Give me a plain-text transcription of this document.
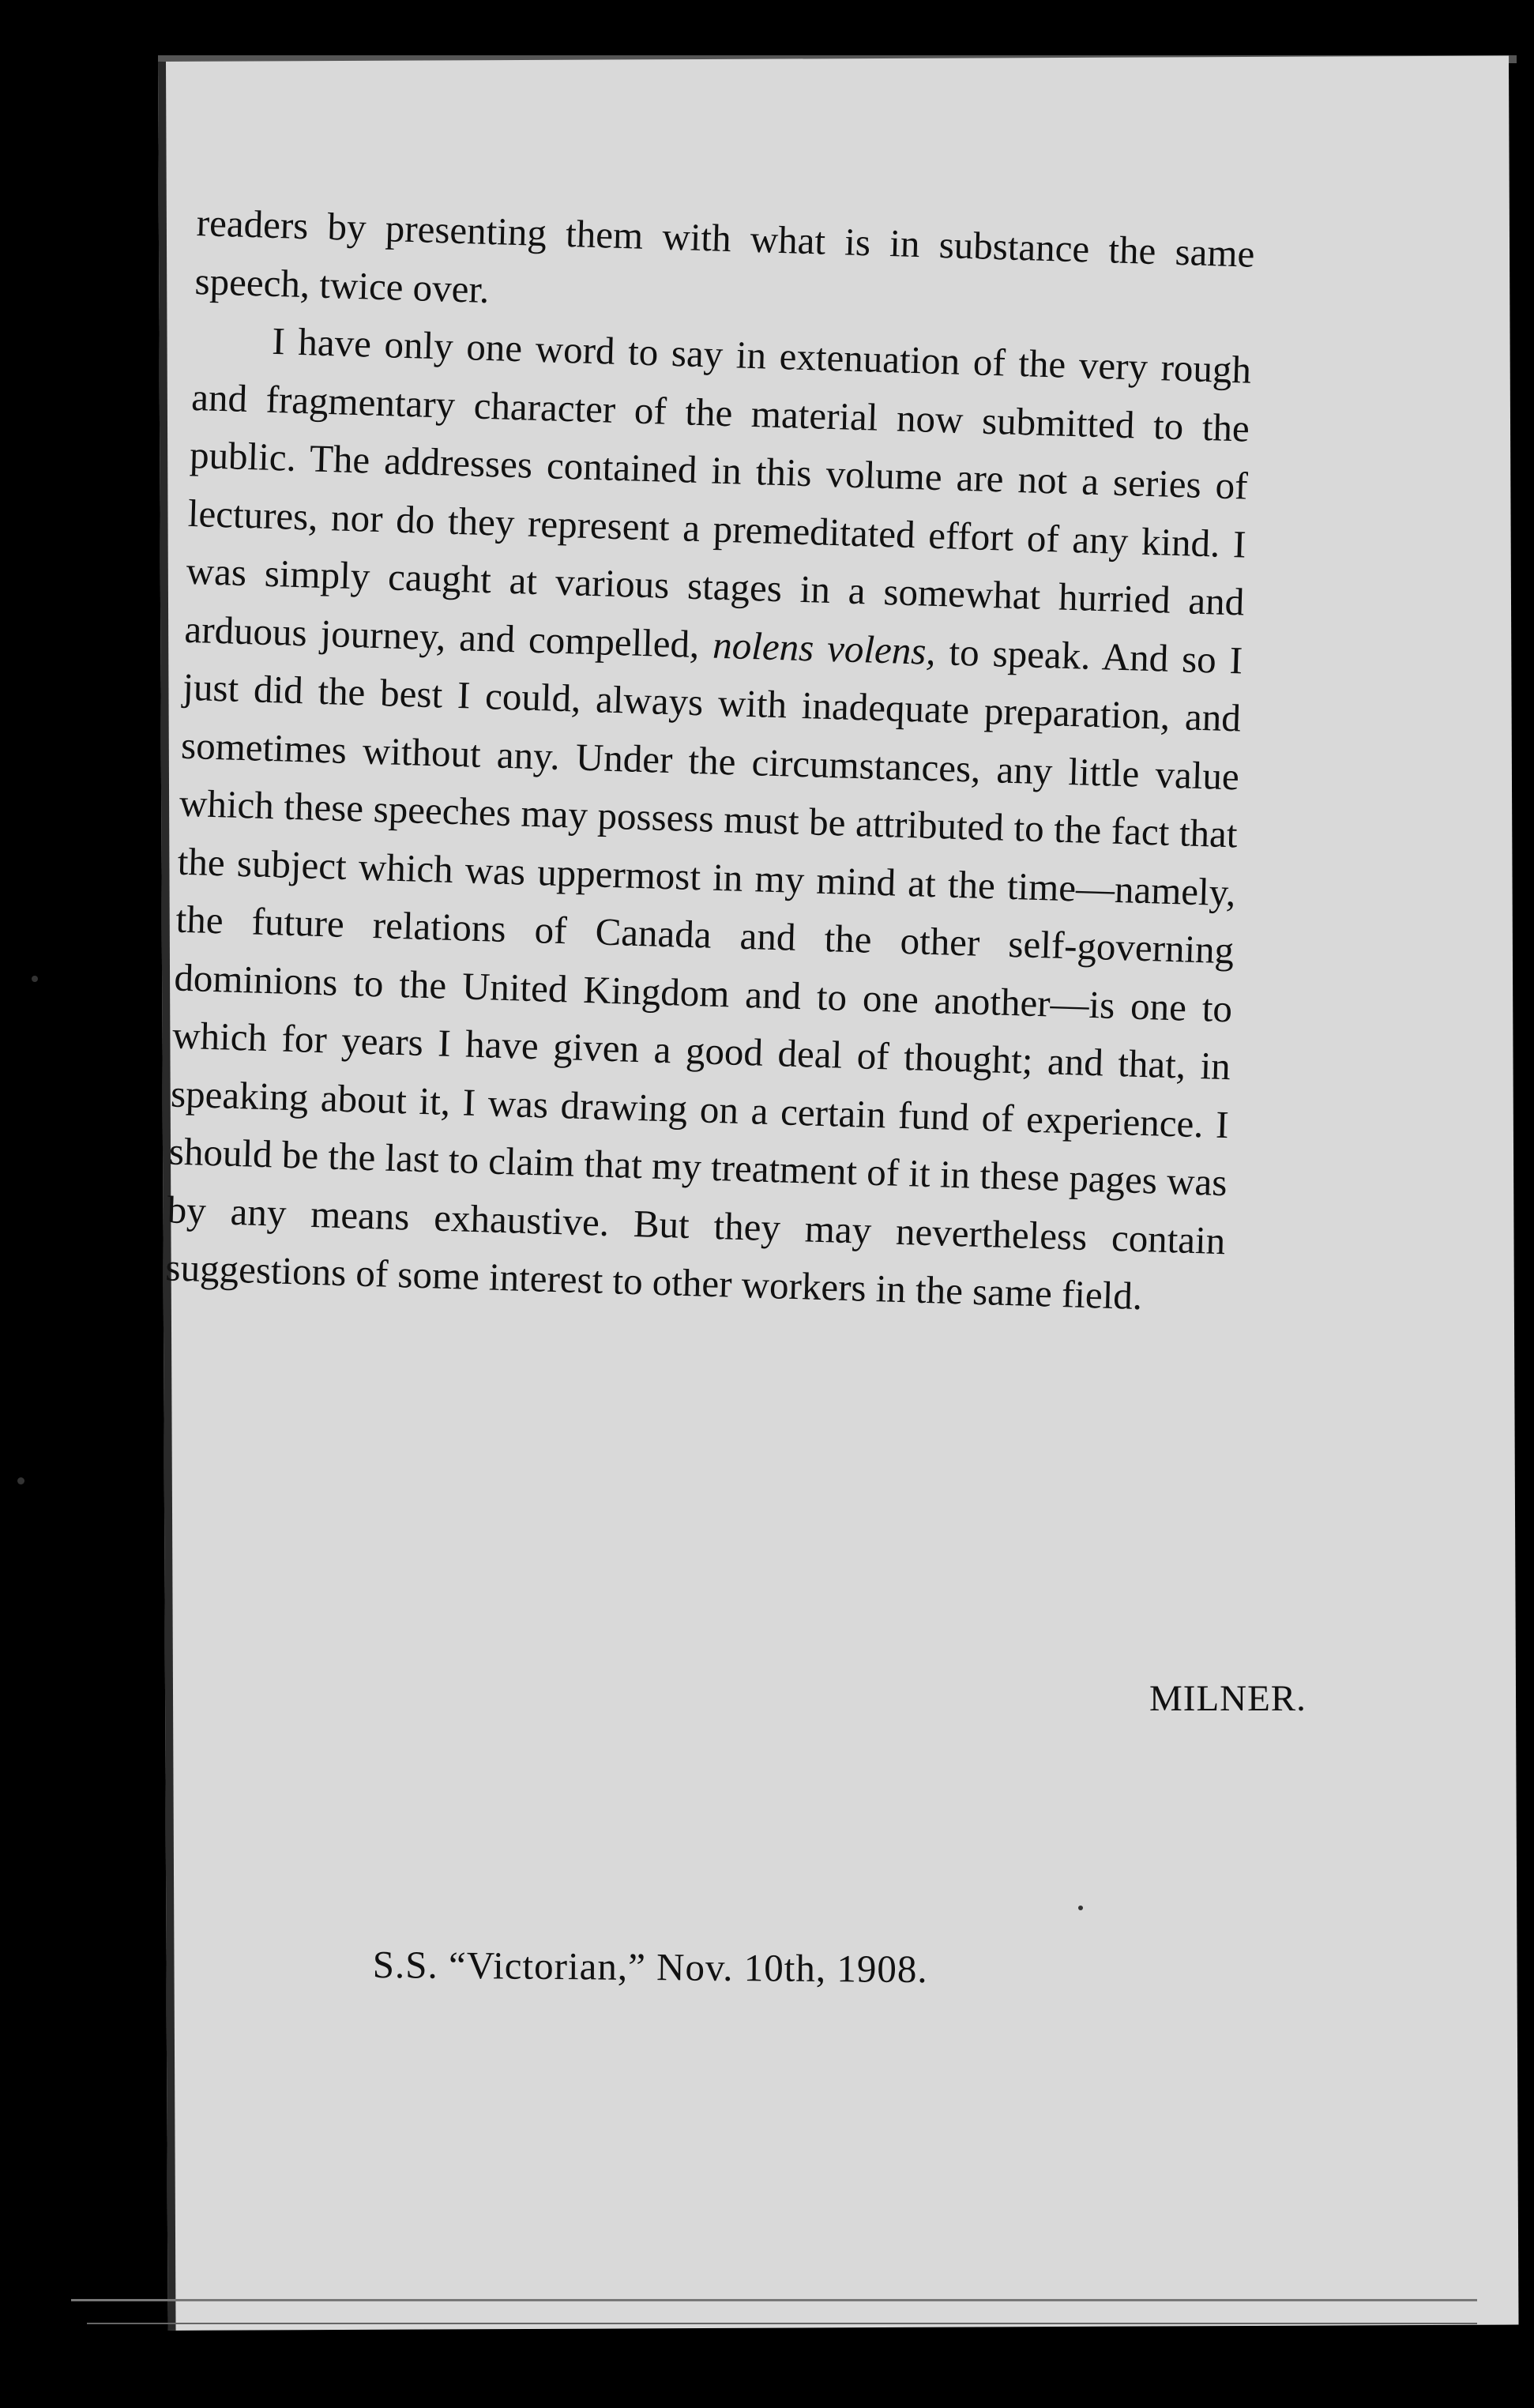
readers by presenting them with what is in substance the same speech, twice over.

I have only one word to say in extenuation of the very rough and fragmentary character of the material now submitted to the public. The addresses contained in this volume are not a series of lectures, nor do they represent a premeditated effort of any kind. I was simply caught at various stages in a somewhat hurried and arduous journey, and compelled, nolens volens, to speak. And so I just did the best I could, always with inadequate preparation, and sometimes without any. Under the circumstances, any little value which these speeches may possess must be attributed to the fact that the subject which was uppermost in my mind at the time—namely, the future relations of Canada and the other self-governing dominions to the United Kingdom and to one another—is one to which for years I have given a good deal of thought; and that, in speaking about it, I was drawing on a certain fund of experience. I should be the last to claim that my treatment of it in these pages was by any means exhaustive. But they may nevertheless contain suggestions of some interest to other workers in the same field.

MILNER.
S.S. “Victorian,” Nov. 10th, 1908.
